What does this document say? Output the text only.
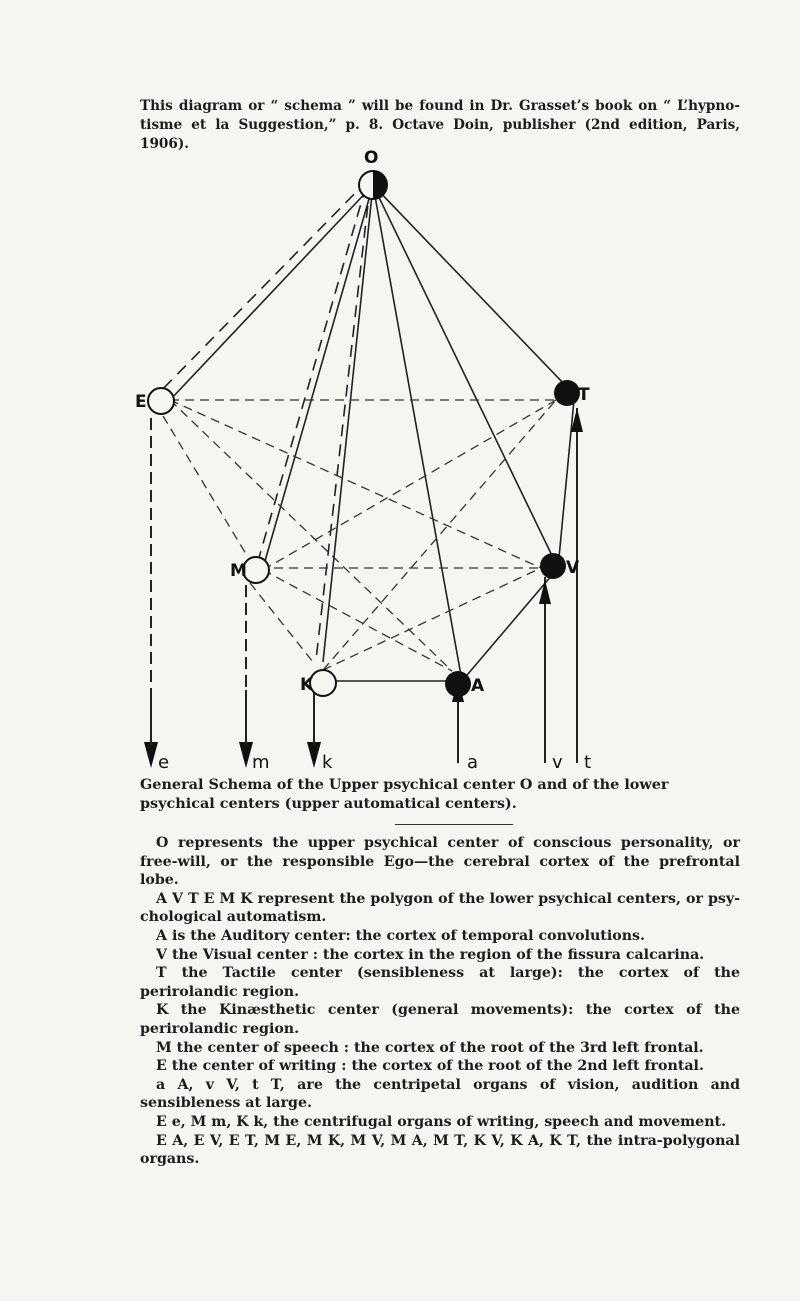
This diagram or “ schema ” will be found in Dr. Grasset’s book on “ L’hypno-tisme et la Suggestion,” p. 8. Octave Doin, publisher (2nd edition, Paris, 1906).
O
E	T
M	V
K	A
e	m	k	a	v t
General Schema of the Upper psychical center O and of the lower psychical centers (upper automatical centers).

O represents the upper psychical center of conscious personality, or free-will, or the responsible Ego—the cerebral cortex of the prefrontal lobe.

A V T E M K represent the polygon of the lower psychical centers, or psy-chological automatism.

A is the Auditory center: the cortex of temporal convolutions.

V the Visual center : the cortex in the region of the fissura calcarina.

T the Tactile center (sensibleness at large): the cortex of the perirolandic region.

K the Kinæsthetic center (general movements): the cortex of the perirolandic region.

M the center of speech : the cortex of the root of the 3rd left frontal.

E the center of writing : the cortex of the root of the 2nd left frontal.

a A, v V, t T, are the centripetal organs of vision, audition and sensibleness at large.

E e, M m, K k, the centrifugal organs of writing, speech and movement.

E A, E V, E T, M E, M K, M V, M A, M T, K V, K A, K T, the intra-polygonal organs.
